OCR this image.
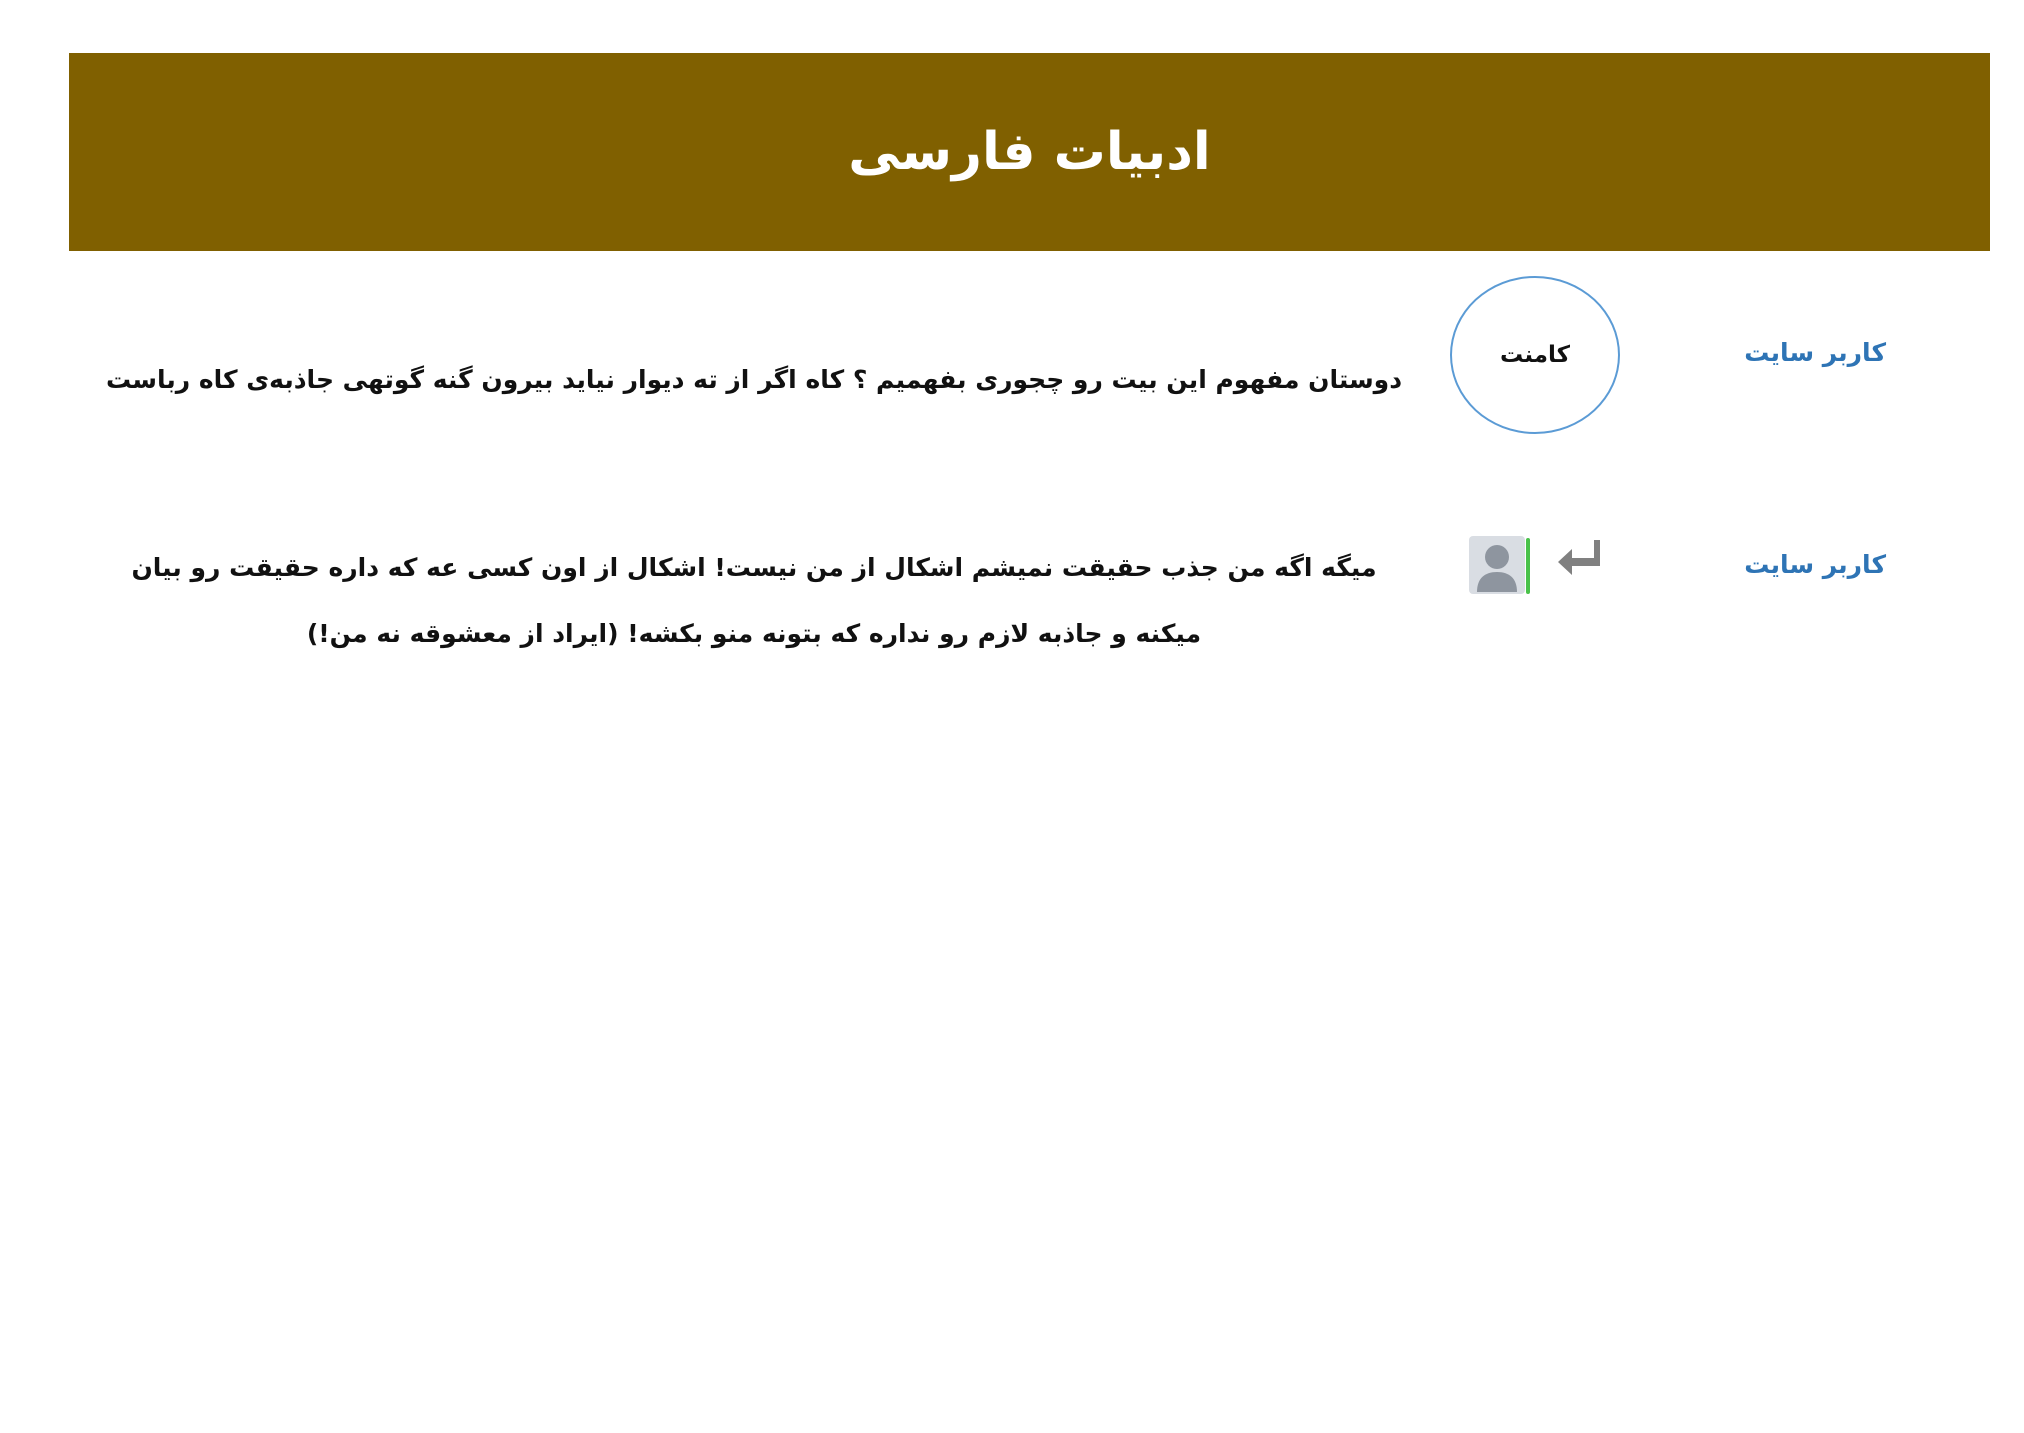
ادبیات فارسی
کاربر سایت
کامنت

دوستان مفهوم این بیت رو چجوری بفهمیم ؟ کاه اگر از ته دیوار نیاید بیرون گنه گوتهی جاذبه‌ی کاه رباست

کاربر سایت

میگه اگه من جذب حقیقت نمیشم اشکال از من نیست! اشکال از اون کسی عه که داره حقیقت رو بیان میکنه و جاذبه لازم رو نداره که بتونه منو بکشه! (ایراد از معشوقه نه من!)
